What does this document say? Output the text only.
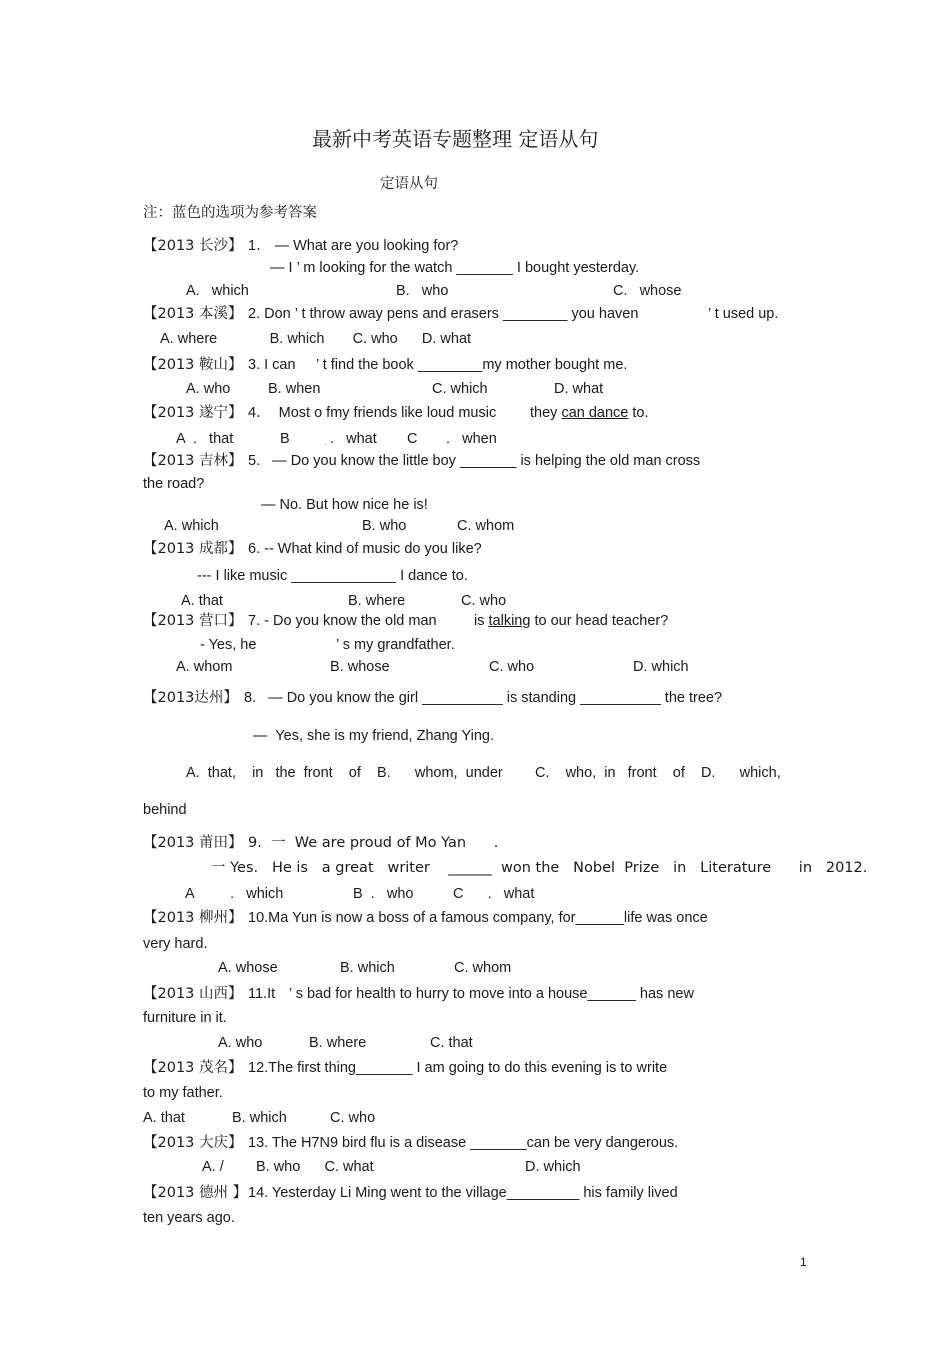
最新中考英语专题整理 定语从句
定语从句
注：蓝色的选项为参考答案
【2013 长沙】 1． — What are you looking for?
— I ’ m looking for the watch _______ I bought yesterday.
A.   which	B.   who	C.   whose
【2013 本溪】 2. Don ’ t throw away pens and erasers ________ you haven	’ t used up.
A. where             B. which       C. who      D. what
【2013 鞍山】 3. I can ’ t find the book ________my mother bought me.
A. who	B. when	C. which	D. what
【2013 遂宁】 4．  Most o fmy friends like loud music they can dance to.
A  .   that	B	. .   what C .   when
【2013 吉林】 5.   — Do you know the little boy _______ is helping the old man cross
the road?
— No. But how nice he is!
A. which	B. who	C. whom
【2013 成都】 6. -- What kind of music do you like?
--- I like music _____________ I dance to.
A. that	B. where	C. who
【2013 营口】 7. - Do you know the old man	is talking to our head teacher?
- Yes, he	’ s my grandfather.
A. whom	B. whose	C. who	D. which
【2013达州】 8.   — Do you know the girl __________ is standing __________ the tree?
—  Yes, she is my friend, Zhang Ying.
A.  that,    in   the  front    of    B.      whom,  under        C.    who,  in   front    of    D.      which,
behind
【2013 莆田】 9.  一  We are proud of Mo Yan      .
一 Yes.   He is   a great   writer    ______  won the   Nobel  Prize   in   Literature      in   2012.
A         .   which	B  .   who	C      .   what
【2013 柳州】 10.Ma Yun is now a boss of a famous company, for______life was once
very hard.
A. whose	B. which	C. whom
【2013 山西】 11.It ’ s bad for health to hurry to move into a house______ has new
furniture in it.
A. who	B. where	C. that
【2013 茂名】 12.The first thing_______ I am going to do this evening is to write
to my father.
A. that	B. which	C. who
【2013 大庆】 13. The H7N9 bird flu is a disease _______can be very dangerous.
A. /        B. who      C. what	D. which
【2013 德州 】 14. Yesterday Li Ming went to the village_________ his family lived
ten years ago.
1
